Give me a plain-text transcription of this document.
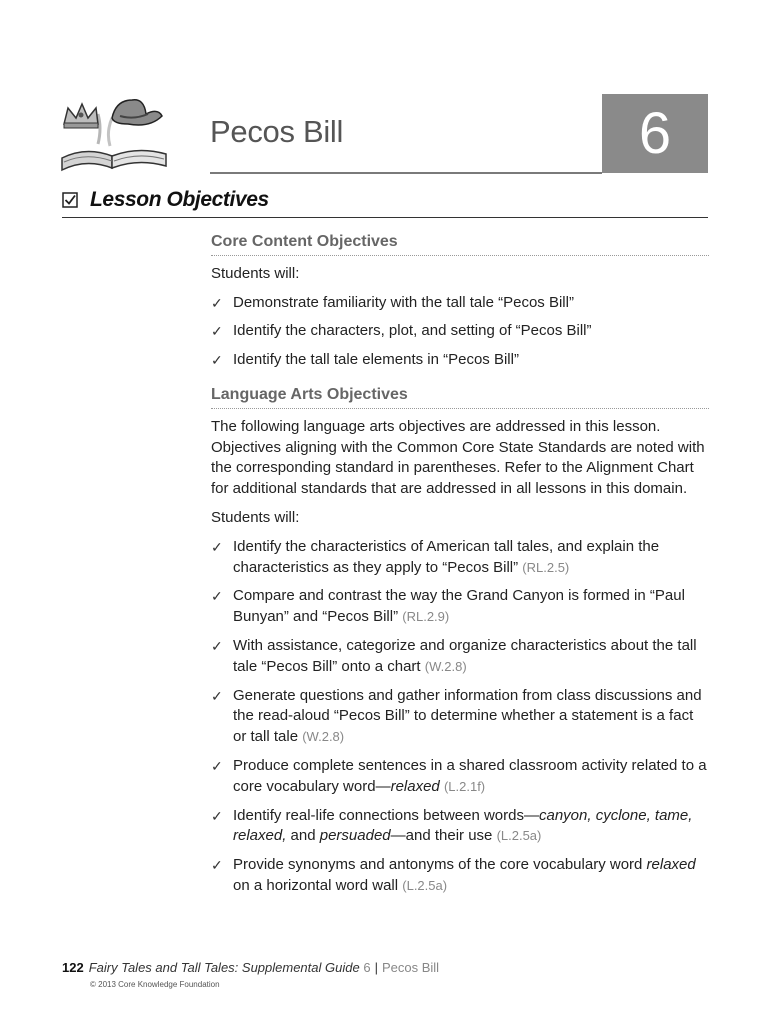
Pecos Bill	6
Lesson Objectives
Core Content Objectives

Students will:

✓ Demonstrate familiarity with the tall tale “Pecos Bill”
✓ Identify the characters, plot, and setting of “Pecos Bill”
✓ Identify the tall tale elements in “Pecos Bill”
Language Arts Objectives

The following language arts objectives are addressed in this lesson. Objectives aligning with the Common Core State Standards are noted with the corresponding standard in parentheses. Refer to the Alignment Chart for additional standards that are addressed in all lessons in this domain.

Students will:

✓ Identify the characteristics of American tall tales, and explain the characteristics as they apply to “Pecos Bill” (RL.2.5)
✓ Compare and contrast the way the Grand Canyon is formed in “Paul Bunyan” and “Pecos Bill” (RL.2.9)
✓ With assistance, categorize and organize characteristics about the tall tale “Pecos Bill” onto a chart (W.2.8)
✓ Generate questions and gather information from class discussions and the read-aloud “Pecos Bill” to determine whether a statement is a fact or tall tale (W.2.8)
✓ Produce complete sentences in a shared classroom activity related to a core vocabulary word—relaxed (L.2.1f)
✓ Identify real-life connections between words—canyon, cyclone, tame, relaxed, and persuaded—and their use (L.2.5a)
✓ Provide synonyms and antonyms of the core vocabulary word relaxed on a horizontal word wall (L.2.5a)
122 Fairy Tales and Tall Tales: Supplemental Guide 6 | Pecos Bill
© 2013 Core Knowledge Foundation
